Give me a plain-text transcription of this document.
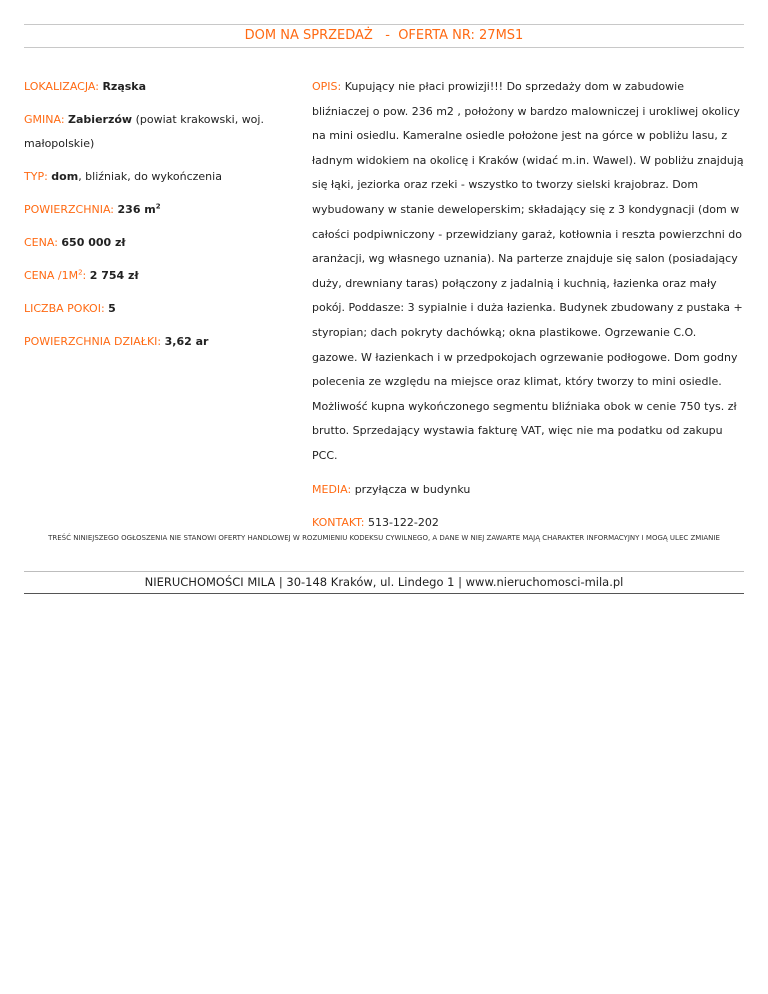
DOM NA SPRZEDAŻ   -  OFERTA NR: 27MS1
LOKALIZACJA: Rząska
GMINA: Zabierzów (powiat krakowski, woj. małopolskie)
TYP: dom, bliźniak, do wykończenia
POWIERZCHNIA: 236 $m^2$
CENA: 650 000 zł
CENA $/1M^2$: 2 754 zł
LICZBA POKOI: 5
POWIERZCHNIA DZIAŁKI: 3,62 ar
OPIS: Kupujący nie płaci prowizji!!! Do sprzedaży dom w zabudowie bliźniaczej o pow. 236 m2 , położony w bardzo malowniczej i urokliwej okolicy na mini osiedlu. Kameralne osiedle położone jest na górce w pobliżu lasu, z ładnym widokiem na okolicę i Kraków (widać m.in. Wawel). W pobliżu znajdują się łąki, jeziorka oraz rzeki - wszystko to tworzy sielski krajobraz. Dom wybudowany w stanie deweloperskim; składający się z 3 kondygnacji (dom w całości podpiwniczony - przewidziany garaż, kotłownia i reszta powierzchni do aranżacji, wg własnego uznania). Na parterze znajduje się salon (posiadający duży, drewniany taras) połączony z jadalnią i kuchnią, łazienka oraz mały pokój. Poddasze: 3 sypialnie i duża łazienka. Budynek zbudowany z pustaka + styropian; dach pokryty dachówką; okna plastikowe. Ogrzewanie C.O. gazowe. W łazienkach i w przedpokojach ogrzewanie podłogowe. Dom godny polecenia ze względu na miejsce oraz klimat, który tworzy to mini osiedle. Możliwość kupna wykończonego segmentu bliźniaka obok w cenie 750 tys. zł brutto. Sprzedający wystawia fakturę VAT, więc nie ma podatku od zakupu PCC.
MEDIA: przyłącza w budynku
KONTAKT: 513-122-202
TREŚĆ NINIEJSZEGO OGŁOSZENIA NIE STANOWI OFERTY HANDLOWEJ W ROZUMIENIU KODEKSU CYWILNEGO, A DANE W NIEJ ZAWARTE MAJĄ CHARAKTER INFORMACYJNY I MOGĄ ULEC ZMIANIE
NIERUCHOMOŚCI MILA | 30-148 Kraków, ul. Lindego 1 | www.nieruchomosci-mila.pl
